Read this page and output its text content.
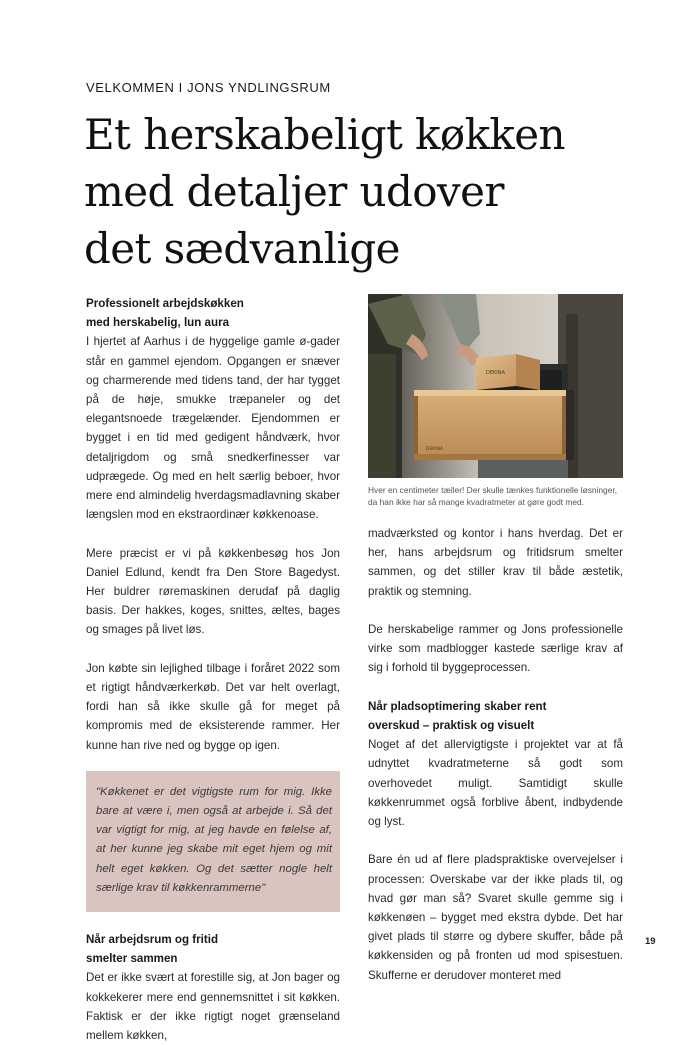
VELKOMMEN I JONS YNDLINGSRUM
Et herskabeligt køkken
med detaljer udover
det sædvanlige
Professionelt arbejdskøkken
med herskabelig, lun aura

I hjertet af Aarhus i de hyggelige gamle ø-gader står en gammel ejendom. Opgangen er snæver og charmerende med tidens tand, der har tygget på de høje, smukke træpaneler og det elegantsnoede trægelænder. Ejendommen er bygget i en tid med gedigent håndværk, hvor detaljrigdom og små snedkerfinesser var udprægede. Og med en helt særlig beboer, hvor mere end almindelig hverdagsmadlavning skaber længslen mod en ekstraordinær køkkenoase.

Mere præcist er vi på køkkenbesøg hos Jon Daniel Edlund, kendt fra Den Store Bagedyst. Her buldrer røremaskinen derudaf på daglig basis. Der hakkes, koges, snittes, æltes, bages og smages på livet løs.

Jon købte sin lejlighed tilbage i foråret 2022 som et rigtigt håndværkerkøb. Det var helt overlagt, fordi han så ikke skulle gå for meget på kompromis med de eksisterende rammer. Her kunne han rive ned og bygge op igen.

"Køkkenet er det vigtigste rum for mig. Ikke bare at være i, men også at arbejde i. Så det var vigtigt for mig, at jeg havde en følelse af, at her kunne jeg skabe mit eget hjem og mit helt eget køkken. Og det sætter nogle helt særlige krav til køkkenrammerne"
Når arbejdsrum og fritid
smelter sammen

Det er ikke svært at forestille sig, at Jon bager og kokkekerer mere end gennemsnittet i sit køkken. Faktisk er der ikke rigtigt noget grænseland mellem køkken,

DEKINA
DEKINA
Hver en centimeter tæller! Der skulle tænkes funktionelle løsninger, da han ikke har så mange kvadratmeter at gøre godt med.

madværksted og kontor i hans hverdag. Det er her, hans arbejdsrum og fritidsrum smelter sammen, og det stiller krav til både æstetik, praktik og stemning.

De herskabelige rammer og Jons professionelle virke som madblogger kastede særlige krav af sig i forhold til byggeprocessen.

Når pladsoptimering skaber rent
overskud – praktisk og visuelt

Noget af det allervigtigste i projektet var at få udnyttet kvadratmeterne så godt som overhovedet muligt. Samtidigt skulle køkkenrummet også forblive åbent, indbydende og lyst.

Bare én ud af flere pladspraktiske overvejelser i processen: Overskabe var der ikke plads til, og hvad gør man så? Svaret skulle gemme sig i køkkenøen – bygget med ekstra dybde. Det har givet plads til større og dybere skuffer, både på køkkensiden og på fronten ud mod spisestuen. Skufferne er derudover monteret med

19
